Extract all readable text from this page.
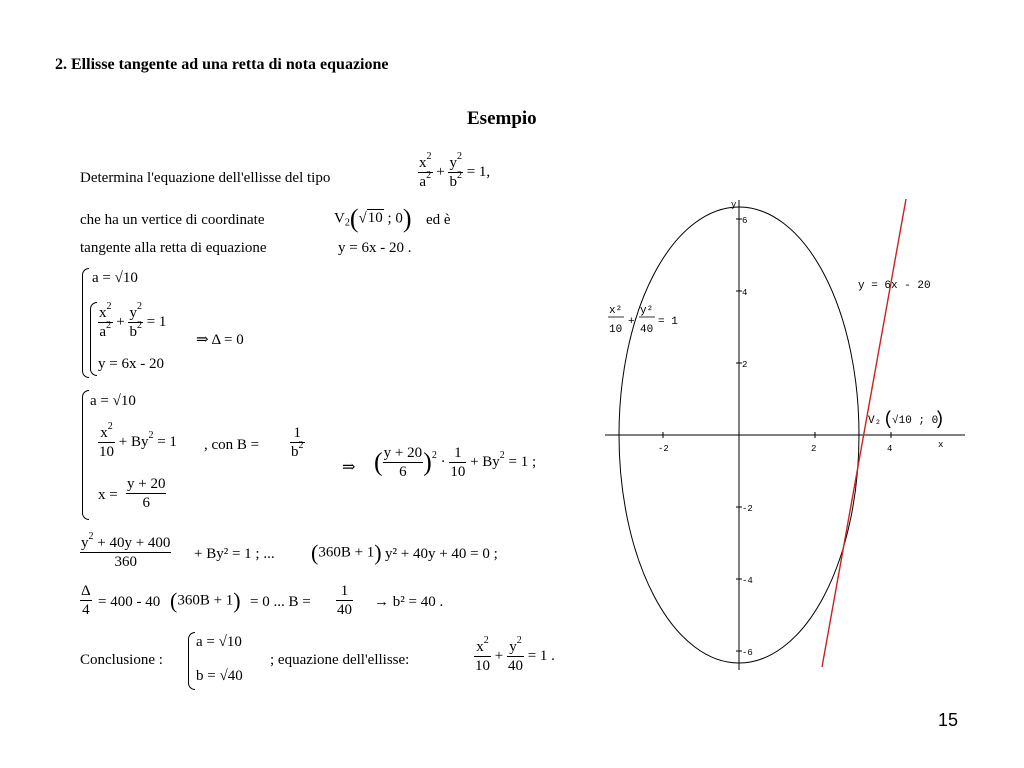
2. Ellisse tangente ad una retta di nota equazione
Esempio
Determina l'equazione dell'ellisse del tipo	$\frac{x^2}{a^2} + \frac{y^2}{b^2} = 1$,
che ha un vertice di coordinate	$V_2(√10$ ; 0) ed è
tangente alla retta di equazione	y = 6x - 20 .
a = √10
$\frac{x^2}{a^2} + \frac{y^2}{b^2} = 1$
y = 6x - 20
⇒ Δ = 0
a = √10
$\frac{x^2}{10} + By^2 = 1$ , con $B = \frac{1}{b^2}$
$x = \frac{y + 20}{6}$
⇒ ( $\frac{y + 20}{6} )^2 \cdot \frac{1}{10} + By^2 = 1$ ;
$\frac{y^2 + 40y + 400}{360} + By^2 = 1$ ; ... (360B + 1) y² + 40y + 40 = 0 ;
$\frac{\Delta}{4} = 400 - 40$ (360B + 1) = 0 ... $B = \frac{1}{40} \to b^2 = 40$ .
Conclusione :
a = √10
b = √40
; equazione dell'ellisse:	$\frac{x^2}{10} + \frac{y^2}{40} = 1$ .
-2	2	4	x
y
6
4
2
-2
-4
-6
y = 6x - 20
x²
10
+
y²
40
= 1
V₂ (
√10 ; 0
)
15
